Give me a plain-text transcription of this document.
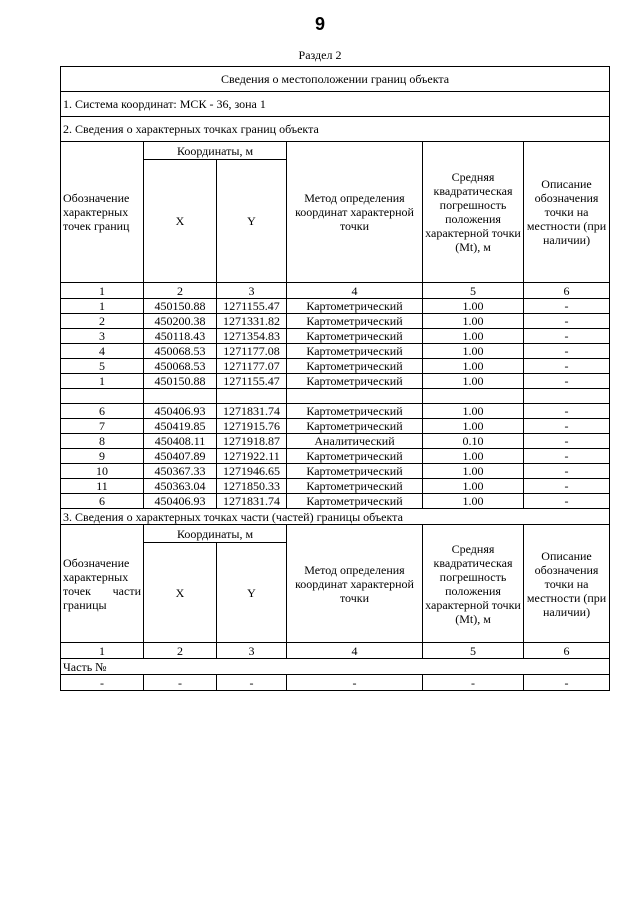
9
Раздел 2
Сведения о местоположении границ объекта					
1. Система координат: МСК - 36, зона 1					
2. Сведения о характерных точках границ объекта					
Обозначение характерных точек границ	Координаты, м		Метод определения координат характерной точки	Средняя квадратическая погрешность положения характерной точки (Mt), м	Описание обозначения точки на местности (при наличии)
	X	Y			
1	2	3	4	5	6
1	450150.88	1271155.47	Картометрический	1.00	-
2	450200.38	1271331.82	Картометрический	1.00	-
3	450118.43	1271354.83	Картометрический	1.00	-
4	450068.53	1271177.08	Картометрический	1.00	-
5	450068.53	1271177.07	Картометрический	1.00	-
1	450150.88	1271155.47	Картометрический	1.00	-

6	450406.93	1271831.74	Картометрический	1.00	-
7	450419.85	1271915.76	Картометрический	1.00	-
8	450408.11	1271918.87	Аналитический	0.10	-
9	450407.89	1271922.11	Картометрический	1.00	-
10	450367.33	1271946.65	Картометрический	1.00	-
11	450363.04	1271850.33	Картометрический	1.00	-
6	450406.93	1271831.74	Картометрический	1.00	-
3. Сведения о характерных точках части (частей) границы объекта					
Обозначение характерных точек части границы	Координаты, м		Метод определения координат характерной точки	Средняя квадратическая погрешность положения характерной точки (Mt), м	Описание обозначения точки на местности (при наличии)
	X	Y			
1	2	3	4	5	6
Часть №					
-	-	-	-	-	-
